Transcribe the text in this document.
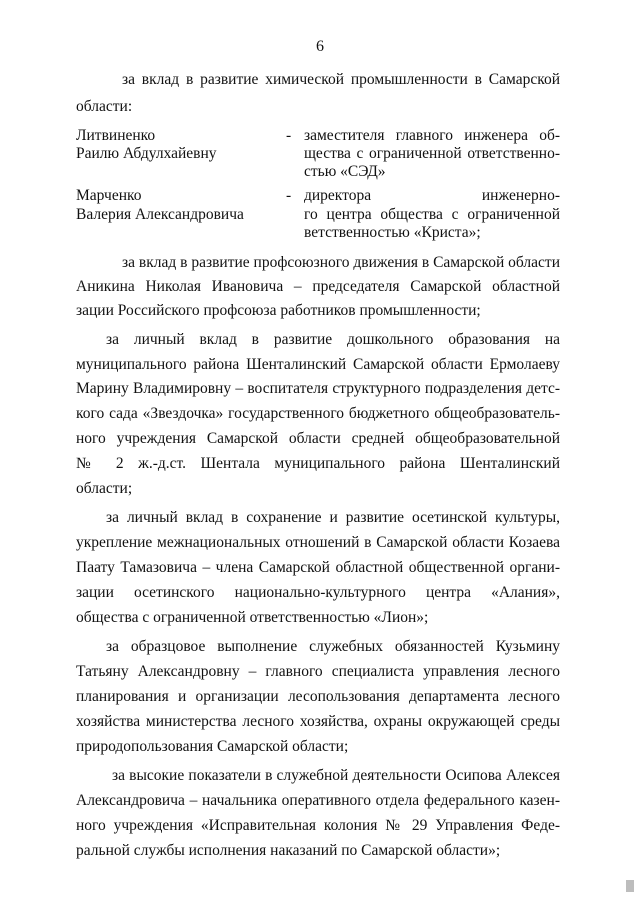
6
за вклад в развитие химической промышленности в Самарской
области:
Литвиненко
Раилю Абдулхайевну
- заместителя главного инженера об-
щества с ограниченной ответственно-
стью «СЭД»
Марченко
Валерия Александровича
- директора инженерно-
го центра общества с ограниченной
ветственностью «Криста»;
за вклад в развитие профсоюзного движения в Самарской области
Аникина Николая Ивановича – председателя Самарской областной
зации Российского профсоюза работников промышленности;
за личный вклад в развитие дошкольного образования на
муниципального района Шенталинский Самарской области Ермолаеву
Марину Владимировну – воспитателя структурного подразделения детс-
кого сада «Звездочка» государственного бюджетного общеобразователь-
ного учреждения Самарской области средней общеобразовательной
№ 2 ж.-д.ст. Шентала муниципального района Шенталинский
области;
за личный вклад в сохранение и развитие осетинской культуры,
укрепление межнациональных отношений в Самарской области Козаева
Паату Тамазовича – члена Самарской областной общественной органи-
зации осетинского национально-культурного центра «Алания»,
общества с ограниченной ответственностью «Лион»;
за образцовое выполнение служебных обязанностей Кузьмину
Татьяну Александровну – главного специалиста управления лесного
планирования и организации лесопользования департамента лесного
хозяйства министерства лесного хозяйства, охраны окружающей среды
природопользования Самарской области;
за высокие показатели в служебной деятельности Осипова Алексея
Александровича – начальника оперативного отдела федерального казен-
ного учреждения «Исправительная колония № 29 Управления Феде-
ральной службы исполнения наказаний по Самарской области»;
